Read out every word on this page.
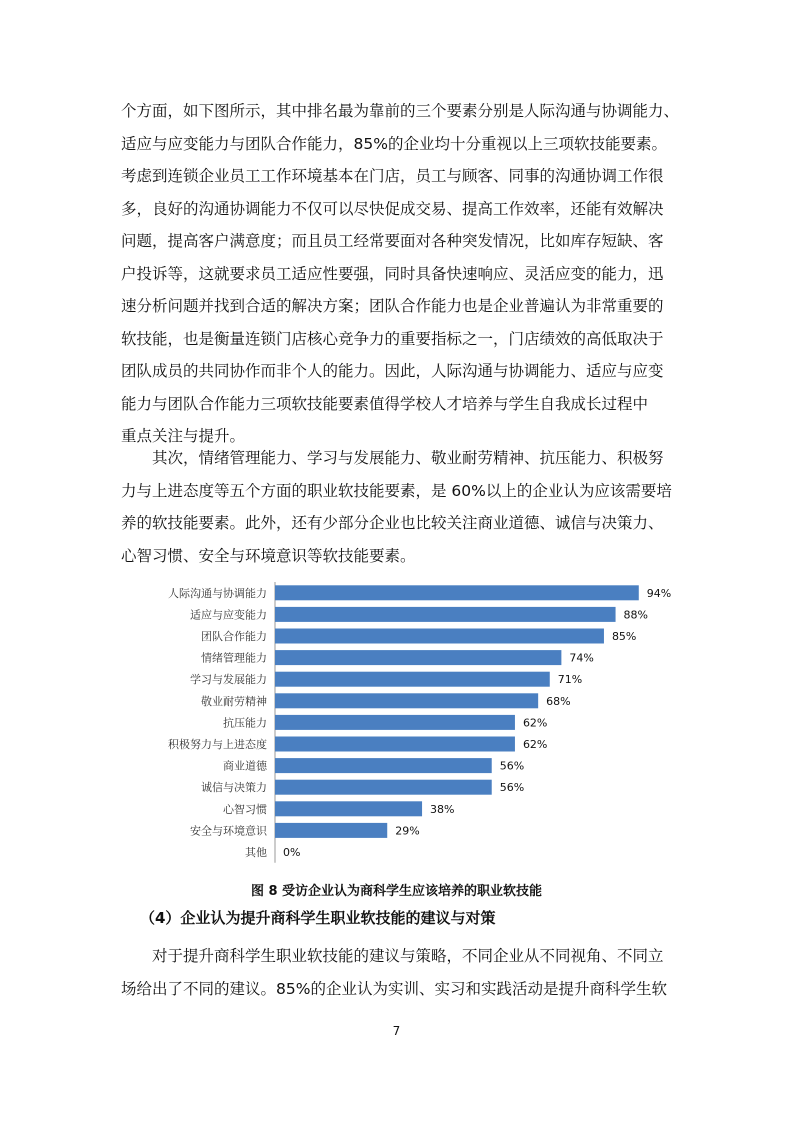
个方面，如下图所示，其中排名最为靠前的三个要素分别是人际沟通与协调能力、
适应与应变能力与团队合作能力，85%的企业均十分重视以上三项软技能要素。
考虑到连锁企业员工工作环境基本在门店，员工与顾客、同事的沟通协调工作很
多，良好的沟通协调能力不仅可以尽快促成交易、提高工作效率，还能有效解决
问题，提高客户满意度；而且员工经常要面对各种突发情况，比如库存短缺、客
户投诉等，这就要求员工适应性要强，同时具备快速响应、灵活应变的能力，迅
速分析问题并找到合适的解决方案；团队合作能力也是企业普遍认为非常重要的
软技能，也是衡量连锁门店核心竞争力的重要指标之一，门店绩效的高低取决于
团队成员的共同协作而非个人的能力。因此，人际沟通与协调能力、适应与应变
能力与团队合作能力三项软技能要素值得学校人才培养与学生自我成长过程中
重点关注与提升。
　　其次，情绪管理能力、学习与发展能力、敬业耐劳精神、抗压能力、积极努
力与上进态度等五个方面的职业软技能要素，是 60%以上的企业认为应该需要培
养的软技能要素。此外，还有少部分企业也比较关注商业道德、诚信与决策力、
心智习惯、安全与环境意识等软技能要素。
人际沟通与协调能力	94%
适应与应变能力	88%
团队合作能力	85%
情绪管理能力	74%
学习与发展能力	71%
敬业耐劳精神	68%
抗压能力	62%
积极努力与上进态度	62%
商业道德	56%
诚信与决策力	56%
心智习惯	38%
安全与环境意识	29%
其他 0%
图 8 受访企业认为商科学生应该培养的职业软技能
（4）企业认为提升商科学生职业软技能的建议与对策
　　对于提升商科学生职业软技能的建议与策略，不同企业从不同视角、不同立
场给出了不同的建议。85%的企业认为实训、实习和实践活动是提升商科学生软
7
